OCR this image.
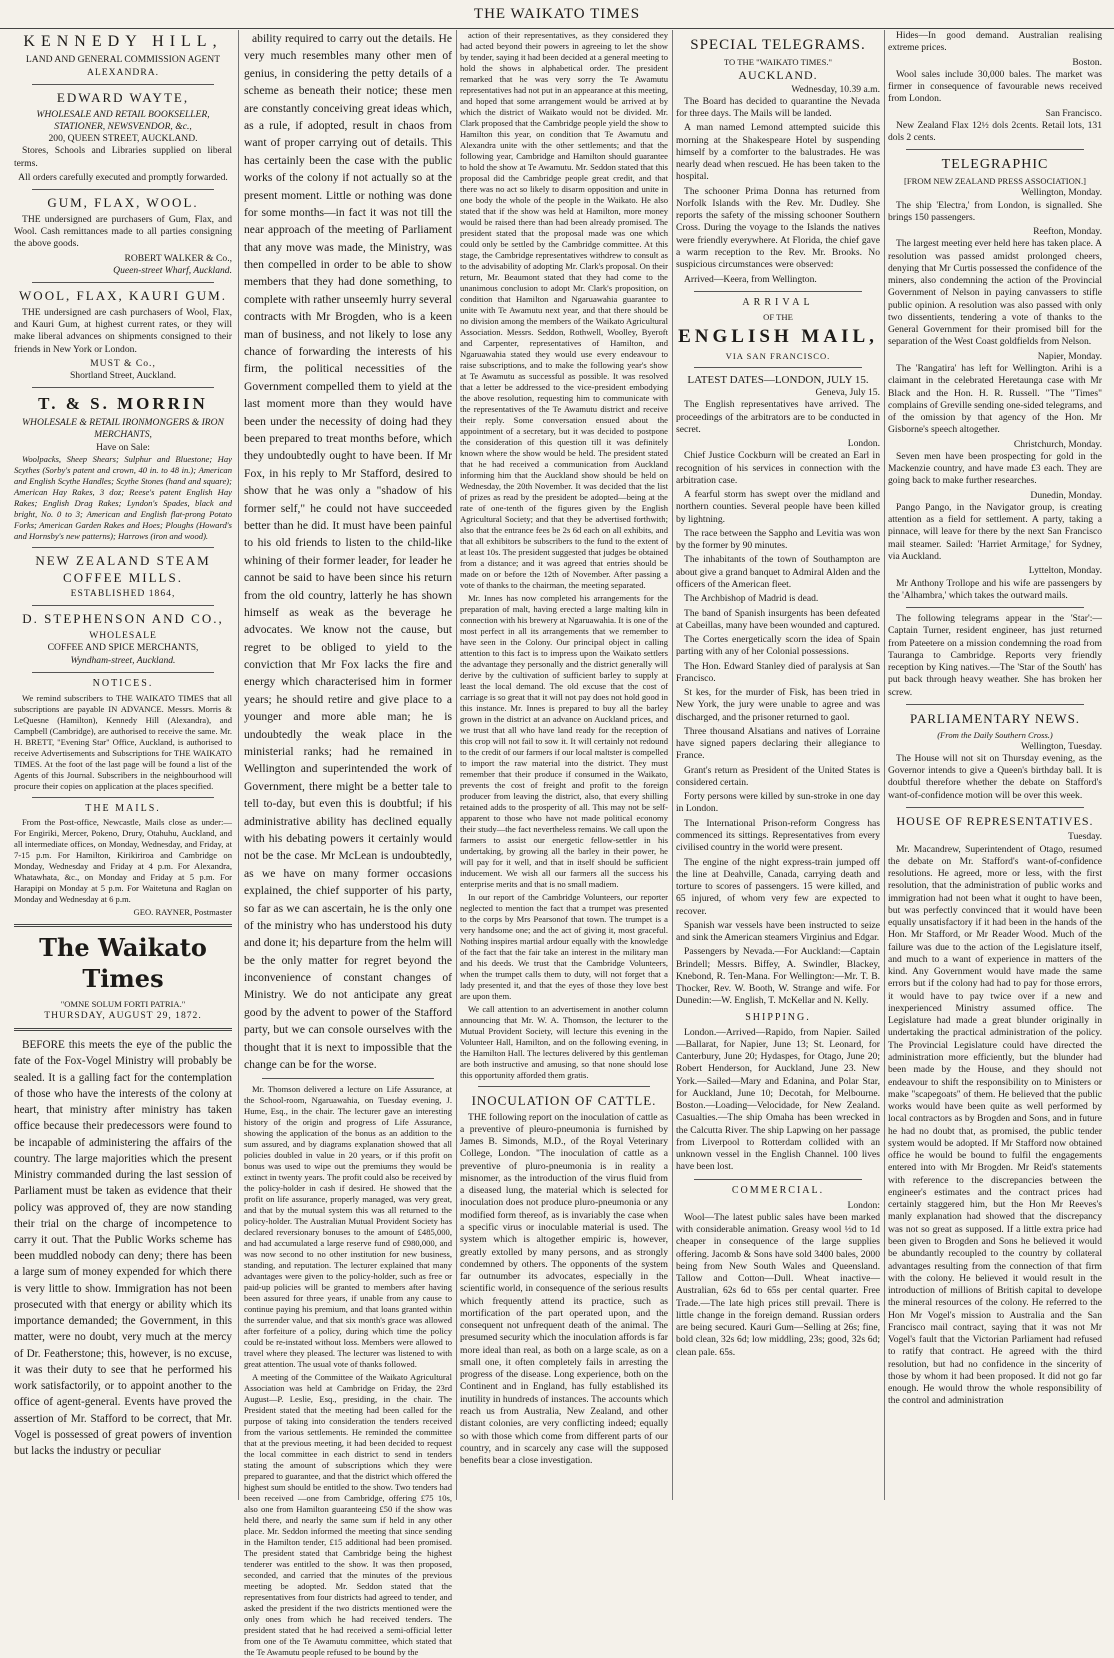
THE WAIKATO TIMES
KENNEDY HILL,
LAND AND GENERAL COMMISSION AGENT
ALEXANDRA.
EDWARD WAYTE,
WHOLESALE AND RETAIL BOOKSELLER,
STATIONER, NEWSVENDOR, &c.,
200, QUEEN STREET, AUCKLAND.

Stores, Schools and Libraries supplied on liberal terms.

All orders carefully executed and promptly forwarded.

GUM, FLAX, WOOL.

THE undersigned are purchasers of Gum, Flax, and Wool. Cash remittances made to all parties consigning the above goods.

ROBERT WALKER & Co.,
Queen-street Wharf, Auckland.
WOOL, FLAX, KAURI GUM.

THE undersigned are cash purchasers of Wool, Flax, and Kauri Gum, at highest current rates, or they will make liberal advances on shipments consigned to their friends in New York or London.

MUST & Co.,
Shortland Street, Auckland.
T. & S. MORRIN
WHOLESALE & RETAIL IRONMONGERS & IRON MERCHANTS,
Have on Sale:

Woolpacks, Sheep Shears; Sulphur and Bluestone; Hay Scythes (Sorby's patent and crown, 40 in. to 48 in.); American and English Scythe Handles; Scythe Stones (hand and square); American Hay Rakes, 3 doz; Reese's patent English Hay Rakes; English Drag Rakes; Lyndon's Spades, black and bright, No. 0 to 3; American and English flat-prong Potato Forks; American Garden Rakes and Hoes; Ploughs (Howard's and Hornsby's new patterns); Harrows (iron and wood).

NEW ZEALAND STEAM COFFEE MILLS.
ESTABLISHED 1864,
D. STEPHENSON AND CO.,
WHOLESALE
COFFEE AND SPICE MERCHANTS,
Wyndham-street, Auckland.
NOTICES.

We remind subscribers to THE WAIKATO TIMES that all subscriptions are payable IN ADVANCE. Messrs. Morris & LeQuesne (Hamilton), Kennedy Hill (Alexandra), and Campbell (Cambridge), are authorised to receive the same. Mr. H. BRETT, "Evening Star" Office, Auckland, is authorised to receive Advertisements and Subscriptions for THE WAIKATO TIMES. At the foot of the last page will be found a list of the Agents of this Journal. Subscribers in the neighbourhood will procure their copies on application at the places specified.

THE MAILS.

From the Post-office, Newcastle, Mails close as under:— For Engiriki, Mercer, Pokeno, Drury, Otahuhu, Auckland, and all intermediate offices, on Monday, Wednesday, and Friday, at 7-15 p.m. For Hamilton, Kirikiriroa and Cambridge on Monday, Wednesday and Friday at 4 p.m. For Alexandra, Whatawhata, &c., on Monday and Friday at 5 p.m. For Harapipi on Monday at 5 p.m. For Waitetuna and Raglan on Monday and Wednesday at 6 p.m.

GEO. RAYNER, Postmaster
The Waikato Times
"OMNE SOLUM FORTI PATRIA."
THURSDAY, AUGUST 29, 1872.

BEFORE this meets the eye of the public the fate of the Fox-Vogel Ministry will probably be sealed. It is a galling fact for the contemplation of those who have the interests of the colony at heart, that ministry after ministry has taken office because their predecessors were found to be incapable of administering the affairs of the country. The large majorities which the present Ministry commanded during the last session of Parliament must be taken as evidence that their policy was approved of, they are now standing their trial on the charge of incompetence to carry it out. That the Public Works scheme has been muddled nobody can deny; there has been a large sum of money expended for which there is very little to show. Immigration has not been prosecuted with that energy or ability which its importance demanded; the Government, in this matter, were no doubt, very much at the mercy of Dr. Featherstone; this, however, is no excuse, it was their duty to see that he performed his work satisfactorily, or to appoint another to the office of agent-general. Events have proved the assertion of Mr. Stafford to be correct, that Mr. Vogel is possessed of great powers of invention but lacks the industry or peculiar

ability required to carry out the details. He very much resembles many other men of genius, in considering the petty details of a scheme as beneath their notice; these men are constantly conceiving great ideas which, as a rule, if adopted, result in chaos from want of proper carrying out of details. This has certainly been the case with the public works of the colony if not actually so at the present moment. Little or nothing was done for some months—in fact it was not till the near approach of the meeting of Parliament that any move was made, the Ministry, was then compelled in order to be able to show members that they had done something, to complete with rather unseemly hurry several contracts with Mr Brogden, who is a keen man of business, and not likely to lose any chance of forwarding the interests of his firm, the political necessities of the Government compelled them to yield at the last moment more than they would have been under the necessity of doing had they been prepared to treat months before, which they undoubtedly ought to have been. If Mr Fox, in his reply to Mr Stafford, desired to show that he was only a "shadow of his former self," he could not have succeeded better than he did. It must have been painful to his old friends to listen to the child-like whining of their former leader, for leader he cannot be said to have been since his return from the old country, latterly he has shown himself as weak as the beverage he advocates. We know not the cause, but regret to be obliged to yield to the conviction that Mr Fox lacks the fire and energy which characterised him in former years; he should retire and give place to a younger and more able man; he is undoubtedly the weak place in the ministerial ranks; had he remained in Wellington and superintended the work of Government, there might be a better tale to tell to-day, but even this is doubtful; if his administrative ability has declined equally with his debating powers it certainly would not be the case. Mr McLean is undoubtedly, as we have on many former occasions explained, the chief supporter of his party, so far as we can ascertain, he is the only one of the ministry who has understood his duty and done it; his departure from the helm will be the only matter for regret beyond the inconvenience of constant changes of Ministry. We do not anticipate any great good by the advent to power of the Stafford party, but we can console ourselves with the thought that it is next to impossible that the change can be for the worse.

Mr. Thomson delivered a lecture on Life Assurance, at the School-room, Ngaruawahia, on Tuesday evening, J. Hume, Esq., in the chair. The lecturer gave an interesting history of the origin and progress of Life Assurance, showing the application of the bonus as an addition to the sum assured, and by diagrams explanation showed that all policies doubled in value in 20 years, or if this profit on bonus was used to wipe out the premiums they would be extinct in twenty years. The profit could also be received by the policy-holder in cash if desired. He showed that the profit on life assurance, properly managed, was very great, and that by the mutual system this was all returned to the policy-holder. The Australian Mutual Provident Society has declared reversionary bonuses to the amount of £485,000, and had accumulated a large reserve fund of £980,000, and was now second to no other institution for new business, standing, and reputation. The lecturer explained that many advantages were given to the policy-holder, such as free or paid-up policies will be granted to members after having been assured for three years, if unable from any cause to continue paying his premium, and that loans granted within the surrender value, and that six month's grace was allowed after forfeiture of a policy, during which time the policy could be re-instated without loss. Members were allowed to travel where they pleased. The lecturer was listened to with great attention. The usual vote of thanks followed.

A meeting of the Committee of the Waikato Agricultural Association was held at Cambridge on Friday, the 23rd August—P. Leslie, Esq., presiding, in the chair. The President stated that the meeting had been called for the purpose of taking into consideration the tenders received from the various settlements. He reminded the committee that at the previous meeting, it had been decided to request the local committee in each district to send in tenders stating the amount of subscriptions which they were prepared to guarantee, and that the district which offered the highest sum should be entitled to the show. Two tenders had been received —one from Cambridge, offering £75 10s, also one from Hamilton guaranteeing £50 if the show was held there, and nearly the same sum if held in any other place. Mr. Seddon informed the meeting that since sending in the Hamilton tender, £15 additional had been promised. The president stated that Cambridge being the highest tenderer was entitled to the show. It was then proposed, seconded, and carried that the minutes of the previous meeting be adopted. Mr. Seddon stated that the representatives from four districts had agreed to tender, and asked the president if the two districts mentioned were the only ones from which he had received tenders. The president stated that he had received a semi-official letter from one of the Te Awamutu committee, which stated that the Te Awamutu people refused to be bound by the

action of their representatives, as they considered they had acted beyond their powers in agreeing to let the show by tender, saying it had been decided at a general meeting to hold the shows in alphabetical order. The president remarked that he was very sorry the Te Awamutu representatives had not put in an appearance at this meeting, and hoped that some arrangement would be arrived at by which the district of Waikato would not be divided. Mr. Clark proposed that the Cambridge people yield the show to Hamilton this year, on condition that Te Awamutu and Alexandra unite with the other settlements; and that the following year, Cambridge and Hamilton should guarantee to hold the show at Te Awamutu. Mr. Seddon stated that this proposal did the Cambridge people great credit, and that there was no act so likely to disarm opposition and unite in one body the whole of the people in the Waikato. He also stated that if the show was held at Hamilton, more money would be raised there than had been already promised. The president stated that the proposal made was one which could only be settled by the Cambridge committee. At this stage, the Cambridge representatives withdrew to consult as to the advisability of adopting Mr. Clark's proposal. On their return, Mr. Beaumont stated that they had come to the unanimous conclusion to adopt Mr. Clark's proposition, on condition that Hamilton and Ngaruawahia guarantee to unite with Te Awamutu next year, and that there should be no division among the members of the Waikato Agricultural Association. Messrs. Seddon, Rothwell, Woolley, Byeroft and Carpenter, representatives of Hamilton, and Ngaruawahia stated they would use every endeavour to raise subscriptions, and to make the following year's show at Te Awamutu as successful as possible. It was resolved that a letter be addressed to the vice-president embodying the above resolution, requesting him to communicate with the representatives of the Te Awamutu district and receive their reply. Some conversation ensued about the appointment of a secretary, but it was decided to postpone the consideration of this question till it was definitely known where the show would be held. The president stated that he had received a communication from Auckland informing him that the Auckland show should be held on Wednesday, the 20th November. It was decided that the list of prizes as read by the president be adopted—being at the rate of one-tenth of the figures given by the English Agricultural Society; and that they be advertised forthwith; also that the entrance fees be 2s 6d each on all exhibits, and that all exhibitors be subscribers to the fund to the extent of at least 10s. The president suggested that judges be obtained from a distance; and it was agreed that entries should be made on or before the 12th of November. After passing a vote of thanks to the chairman, the meeting separated.

Mr. Innes has now completed his arrangements for the preparation of malt, having erected a large malting kiln in connection with his brewery at Ngaruawahia. It is one of the most perfect in all its arrangements that we remember to have seen in the Colony. Our principal object in calling attention to this fact is to impress upon the Waikato settlers the advantage they personally and the district generally will derive by the cultivation of sufficient barley to supply at least the local demand. The old excuse that the cost of carriage is so great that it will not pay does not hold good in this instance. Mr. Innes is prepared to buy all the barley grown in the district at an advance on Auckland prices, and we trust that all who have land ready for the reception of this crop will not fail to sow it. It will certainly not redound to the credit of our farmers if our local maltster is compelled to import the raw material into the district. They must remember that their produce if consumed in the Waikato, prevents the cost of freight and profit to the foreign producer from leaving the district, also, that every shilling retained adds to the prosperity of all. This may not be self-apparent to those who have not made political economy their study—the fact nevertheless remains. We call upon the farmers to assist our energetic fellow-settler in his undertaking, by growing all the barley in their power, he will pay for it well, and that in itself should be sufficient inducement. We wish all our farmers all the success his enterprise merits and that is no small madiem.

In our report of the Cambridge Volunteers, our reporter neglected to mention the fact that a trumpet was presented to the corps by Mrs Pearsonof that town. The trumpet is a very handsome one; and the act of giving it, most graceful. Nothing inspires martial ardour equally with the knowledge of the fact that the fair take an interest in the military man and his deeds. We trust that the Cambridge Volunteers, when the trumpet calls them to duty, will not forget that a lady presented it, and that the eyes of those they love best are upon them.

We call attention to an advertisement in another column announcing that Mr. W. A. Thomson, the lecturer to the Mutual Provident Society, will lecture this evening in the Volunteer Hall, Hamilton, and on the following evening, in the Hamilton Hall. The lectures delivered by this gentleman are both instructive and amusing, so that none should lose this opportunity afforded them gratis.

INOCULATION OF CATTLE.

THE following report on the inoculation of cattle as a preventive of pleuro-pneumonia is furnished by James B. Simonds, M.D., of the Royal Veterinary College, London. "The inoculation of cattle as a preventive of pluro-pneumonia is in reality a misnomer, as the introduction of the virus fluid from a diseased lung, the material which is selected for inoculation does not produce pluro-pneumonia or any modified form thereof, as is invariably the case when a specific virus or inoculable material is used. The system which is altogether empiric is, however, greatly extolled by many persons, and as strongly condemned by others. The opponents of the system far outnumber its advocates, especially in the scientific world, in consequence of the serious results which frequently attend its practice, such as mortification of the part operated upon, and the consequent not unfrequent death of the animal. The presumed security which the inoculation affords is far more ideal than real, as both on a large scale, as on a small one, it often completely fails in arresting the progress of the disease. Long experience, both on the Continent and in England, has fully established its inutility in hundreds of instances. The accounts which reach us from Australia, New Zealand, and other distant colonies, are very conflicting indeed; equally so with those which come from different parts of our country, and in scarcely any case will the supposed benefits bear a close investigation.

SPECIAL TELEGRAMS.
TO THE "WAIKATO TIMES."
AUCKLAND.
Wednesday, 10.39 a.m.

The Board has decided to quarantine the Nevada for three days. The Mails will be landed.

A man named Lemond attempted suicide this morning at the Shakespeare Hotel by suspending himself by a comforter to the balustrades. He was nearly dead when rescued. He has been taken to the hospital.

The schooner Prima Donna has returned from Norfolk Islands with the Rev. Mr. Dudley. She reports the safety of the missing schooner Southern Cross. During the voyage to the Islands the natives were friendly everywhere. At Florida, the chief gave a warm reception to the Rev. Mr. Brooks. No suspicious circumstances were observed:

Arrived—Keera, from Wellington.

ARRIVAL
OF THE
ENGLISH MAIL,
VIA SAN FRANCISCO.
LATEST DATES—LONDON, JULY 15.
Geneva, July 15.

The English representatives have arrived. The proceedings of the arbitrators are to be conducted in secret.

London.

Chief Justice Cockburn will be created an Earl in recognition of his services in connection with the arbitration case.

A fearful storm has swept over the midland and northern counties. Several people have been killed by lightning.

The race between the Sappho and Levitia was won by the former by 90 minutes.

The inhabitants of the town of Southampton are about give a grand banquet to Admiral Alden and the officers of the American fleet.

The Archbishop of Madrid is dead.

The band of Spanish insurgents has been defeated at Cabeillas, many have been wounded and captured.

The Cortes energetically scorn the idea of Spain parting with any of her Colonial possessions.

The Hon. Edward Stanley died of paralysis at San Francisco.

St kes, for the murder of Fisk, has been tried in New York, the jury were unable to agree and was discharged, and the prisoner returned to gaol.

Three thousand Alsatians and natives of Lorraine have signed papers declaring their allegiance to France.

Grant's return as President of the United States is considered certain.

Forty persons were killed by sun-stroke in one day in London.

The International Prison-reform Congress has commenced its sittings. Representatives from every civilised country in the world were present.

The engine of the night express-train jumped off the line at Deahville, Canada, carrying death and torture to scores of passengers. 15 were killed, and 65 injured, of whom very few are expected to recover.

Spanish war vessels have been instructed to seize and sink the American steamers Virginius and Edgar.

Passengers by Nevada.—For Auckland:—Captain Brindell; Messrs. Biffey, A. Swindler, Blackey, Knebond, R. Ten-Mana. For Wellington:—Mr. T. B. Thocker, Rev. W. Booth, W. Strange and wife. For Dunedin:—W. English, T. McKellar and N. Kelly.

SHIPPING.

London.—Arrived—Rapido, from Napier. Sailed—Ballarat, for Napier, June 13; St. Leonard, for Canterbury, June 20; Hydaspes, for Otago, June 20; Robert Henderson, for Auckland, June 23. New York.—Sailed—Mary and Edanina, and Polar Star, for Auckland, June 10; Decotah, for Melbourne. Boston.—Loading—Velocidade, for New Zealand. Casualties.—The ship Omaha has been wrecked in the Calcutta River. The ship Lapwing on her passage from Liverpool to Rotterdam collided with an unknown vessel in the English Channel. 100 lives have been lost.

COMMERCIAL.
London:

Wool—The latest public sales have been marked with considerable animation. Greasy wool ½d to 1d cheaper in consequence of the large supplies offering. Jacomb & Sons have sold 3400 bales, 2000 being from New South Wales and Queensland. Tallow and Cotton—Dull. Wheat inactive—Australian, 62s 6d to 65s per cental quarter. Free Trade.—The late high prices still prevail. There is little change in the foreign demand. Russian orders are being secured. Kauri Gum—Selling at 26s; fine, bold clean, 32s 6d; low middling, 23s; good, 32s 6d; clean pale. 65s.

Hides—In good demand. Australian realising extreme prices.

Boston.

Wool sales include 30,000 bales. The market was firmer in consequence of favourable news received from London.

San Francisco.

New Zealand Flax 12½ dols 2cents. Retail lots, 131 dols 2 cents.

TELEGRAPHIC
[FROM NEW ZEALAND PRESS ASSOCIATION.]
Wellington, Monday.

The ship 'Electra,' from London, is signalled. She brings 150 passengers.

Reefton, Monday.

The largest meeting ever held here has taken place. A resolution was passed amidst prolonged cheers, denying that Mr Curtis possessed the confidence of the miners, also condemning the action of the Provincial Government of Nelson in paying canvassers to stifle public opinion. A resolution was also passed with only two dissentients, tendering a vote of thanks to the General Government for their promised bill for the separation of the West Coast goldfields from Nelson.

Napier, Monday.

The 'Rangatira' has left for Wellington. Arihi is a claimant in the celebrated Heretaunga case with Mr Black and the Hon. H. R. Russell. "The "Times" complains of Greville sending one-sided telegrams, and of the omission by that agency of the Hon. Mr Gisborne's speech altogether.

Christchurch, Monday.

Seven men have been prospecting for gold in the Mackenzie country, and have made £3 each. They are going back to make further researches.

Dunedin, Monday.

Pango Pango, in the Navigator group, is creating attention as a field for settlement. A party, taking a pinnace, will leave for there by the next San Francisco mail steamer. Sailed: 'Harriet Armitage,' for Sydney, via Auckland.

Lyttelton, Monday.

Mr Anthony Trollope and his wife are passengers by the 'Alhambra,' which takes the outward mails.

The following telegrams appear in the 'Star':—Captain Turner, resident engineer, has just returned from Pateetere on a mission condemning the road from Tauranga to Cambridge. Reports very friendly reception by King natives.—The 'Star of the South' has put back through heavy weather. She has broken her screw.

PARLIAMENTARY NEWS.
(From the Daily Southern Cross.)
Wellington, Tuesday.

The House will not sit on Thursday evening, as the Governor intends to give a Queen's birthday ball. It is doubtful therefore whether the debate on Stafford's want-of-confidence motion will be over this week.

HOUSE OF REPRESENTATIVES.
Tuesday.

Mr. Macandrew, Superintendent of Otago, resumed the debate on Mr. Stafford's want-of-confidence resolutions. He agreed, more or less, with the first resolution, that the administration of public works and immigration had not been what it ought to have been, but was perfectly convinced that it would have been equally unsatisfactory if it had been in the hands of the Hon. Mr Stafford, or Mr Reader Wood. Much of the failure was due to the action of the Legislature itself, and much to a want of experience in matters of the kind. Any Government would have made the same errors but if the colony had had to pay for those errors, it would have to pay twice over if a new and inexperienced Ministry assumed office. The Legislature had made a great blunder originally in undertaking the practical administration of the policy. The Provincial Legislature could have directed the administration more efficiently, but the blunder had been made by the House, and they should not endeavour to shift the responsibility on to Ministers or make "scapegoats" of them. He believed that the public works would have been quite as well performed by local contractors as by Brogden and Sons, and in future he had no doubt that, as promised, the public tender system would be adopted. If Mr Stafford now obtained office he would be bound to fulfil the engagements entered into with Mr Brogden. Mr Reid's statements with reference to the discrepancies between the engineer's estimates and the contract prices had certainly staggered him, but the Hon Mr Reeves's manly explanation had showed that the discrepancy was not so great as supposed. If a little extra price had been given to Brogden and Sons he believed it would be abundantly recoupled to the country by collateral advantages resulting from the connection of that firm with the colony. He believed it would result in the introduction of millions of British capital to develope the mineral resources of the colony. He referred to the Hon Mr Vogel's mission to Australia and the San Francisco mail contract, saying that it was not Mr Vogel's fault that the Victorian Parliament had refused to ratify that contract. He agreed with the third resolution, but had no confidence in the sincerity of those by whom it had been proposed. It did not go far enough. He would throw the whole responsibility of the control and administration
